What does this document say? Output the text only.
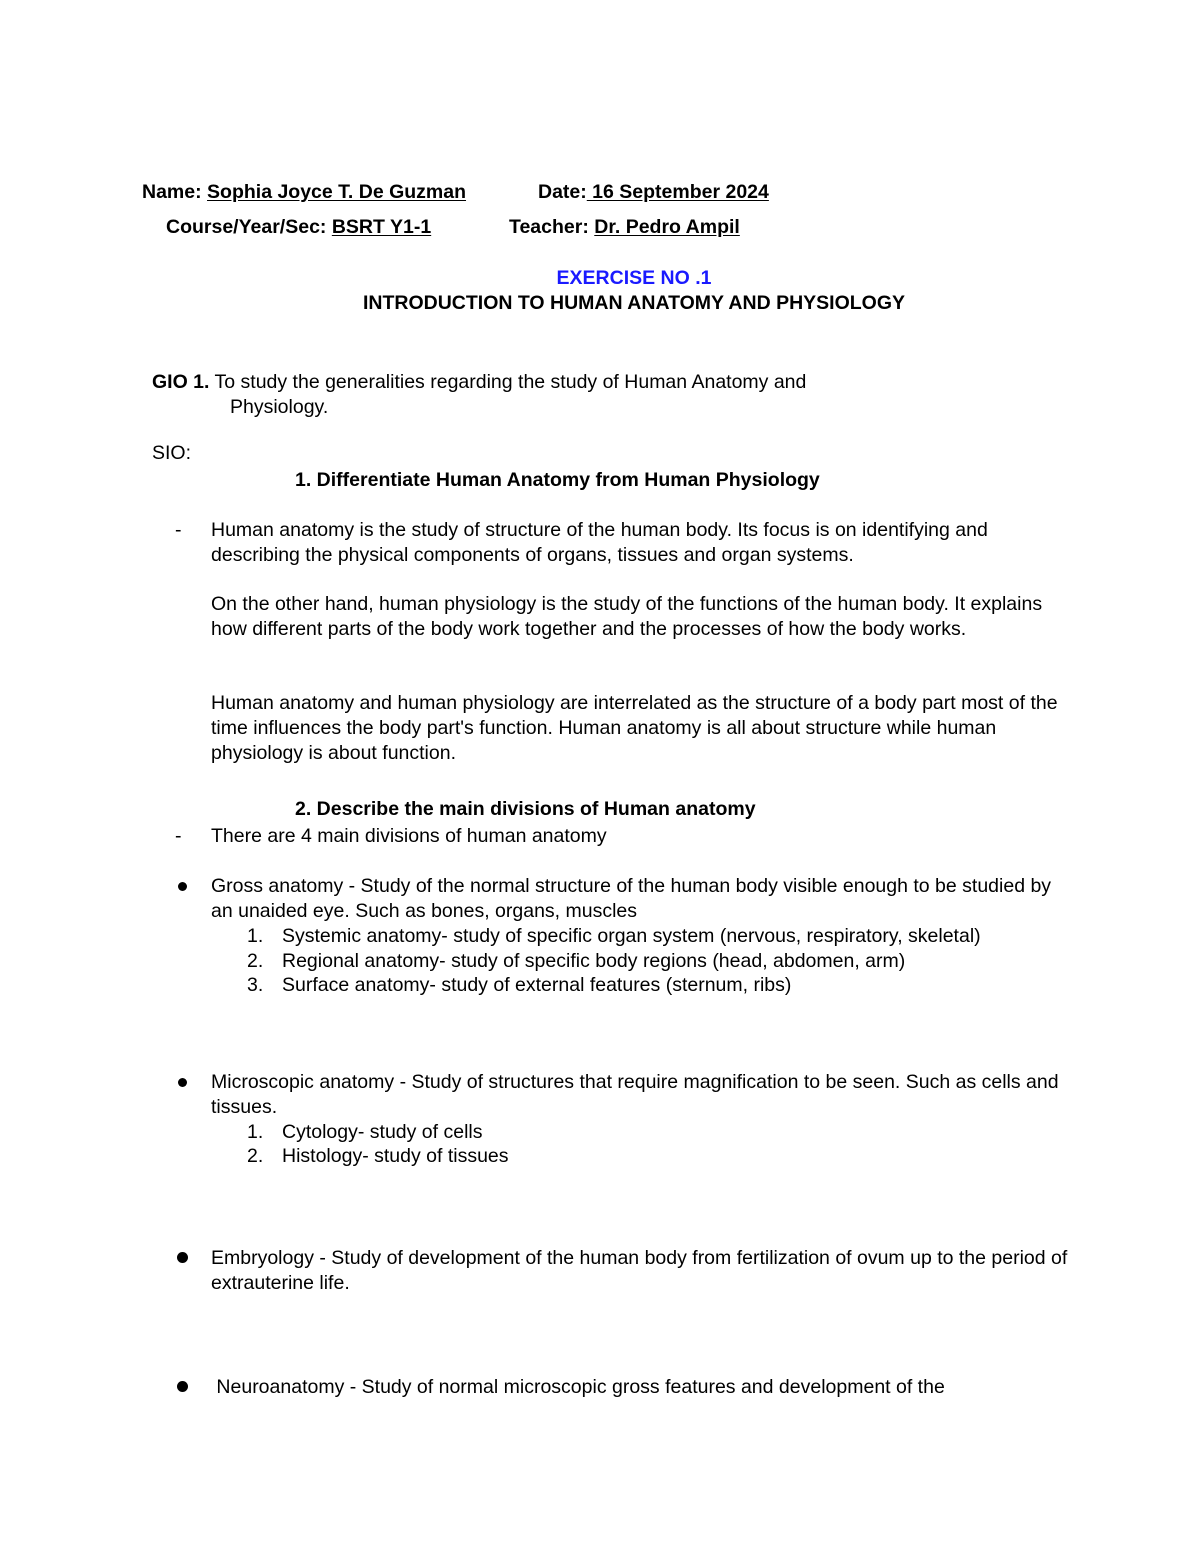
Name: Sophia Joyce T. De Guzman	Date: 16 September 2024
Course/Year/Sec: BSRT Y1-1	Teacher: Dr. Pedro Ampil
EXERCISE NO .1
INTRODUCTION TO HUMAN ANATOMY AND PHYSIOLOGY
GIO 1. To study the generalities regarding the study of Human Anatomy and
Physiology.
SIO:
1. Differentiate Human Anatomy from Human Physiology
- Human anatomy is the study of structure of the human body. Its focus is on identifying and describing the physical components of organs, tissues and organ systems.
On the other hand, human physiology is the study of the functions of the human body. It explains how different parts of the body work together and the processes of how the body works.
Human anatomy and human physiology are interrelated as the structure of a body part most of the time influences the body part's function. Human anatomy is all about structure while human physiology is about function.
2. Describe the main divisions of Human anatomy
- There are 4 main divisions of human anatomy
Gross anatomy - Study of the normal structure of the human body visible enough to be studied by an unaided eye. Such as bones, organs, muscles
1. Systemic anatomy- study of specific organ system (nervous, respiratory, skeletal)
2. Regional anatomy- study of specific body regions (head, abdomen, arm)
3. Surface anatomy- study of external features (sternum, ribs)
Microscopic anatomy - Study of structures that require magnification to be seen. Such as cells and tissues.
1. Cytology- study of cells
2. Histology- study of tissues
Embryology - Study of development of the human body from fertilization of ovum up to the period of extrauterine life.
Neuroanatomy - Study of normal microscopic gross features and development of the
